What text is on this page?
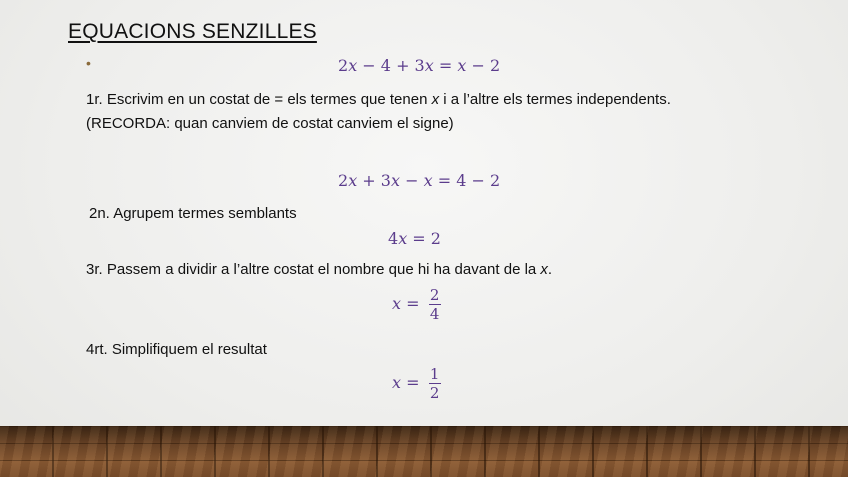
EQUACIONS SENZILLES
•	2x − 4 + 3x = x − 2
1r. Escrivim en un costat de = els termes que tenen x i a l’altre els termes independents.
(RECORDA: quan canviem de costat canviem el signe)
2x + 3x − x = 4 − 2
2n. Agrupem termes semblants
4x = 2
3r. Passem a dividir a l’altre costat el nombre que hi ha davant de la x.
$x = \frac{2}{4}$
4rt. Simplifiquem el resultat
$x = \frac{1}{2}$
